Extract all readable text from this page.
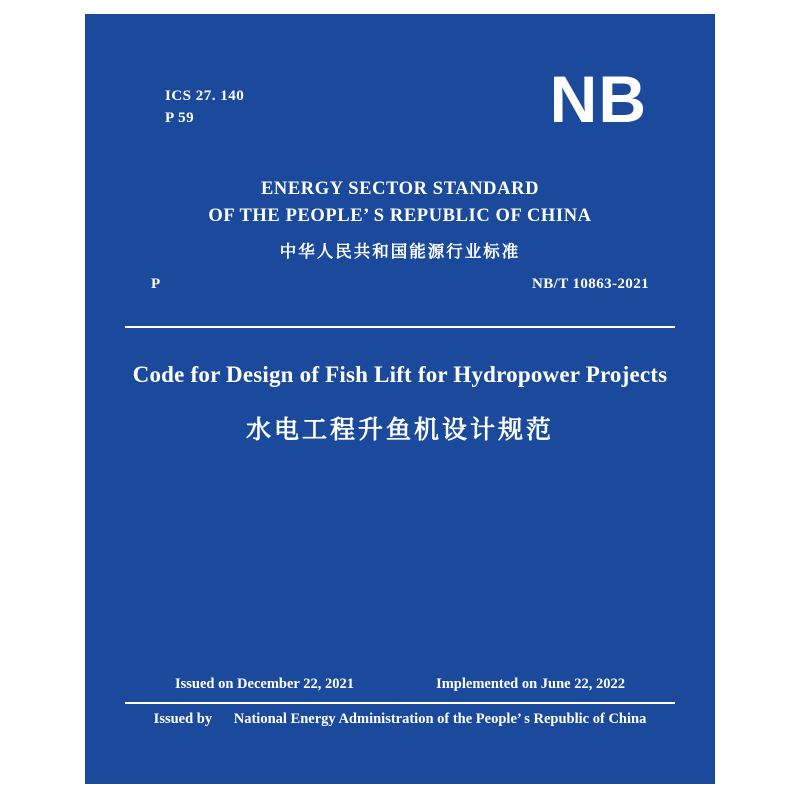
ICS 27. 140
P 59	NB
ENERGY SECTOR STANDARD
OF THE PEOPLE’ S REPUBLIC OF CHINA
中华人民共和国能源行业标准
P	NB/T 10863-2021
Code for Design of Fish Lift for Hydropower Projects
水电工程升鱼机设计规范
Issued on December 22, 2021	Implemented on June 22, 2022
Issued by National Energy Administration of the People’ s Republic of China
